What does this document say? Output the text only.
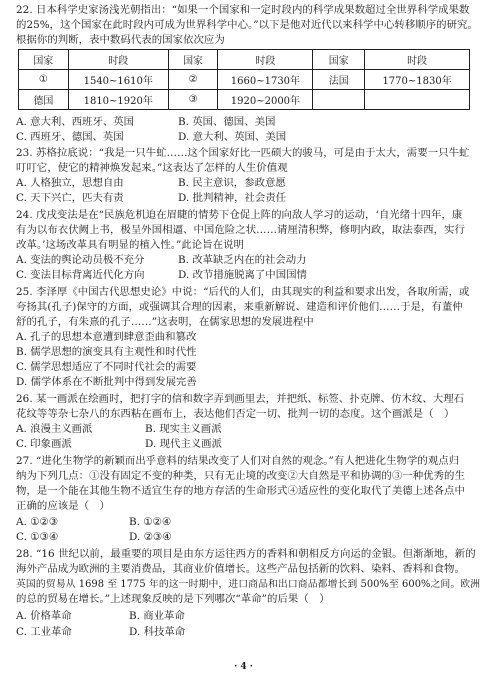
22. 日本科学史家汤浅光朝指出：“如果一个国家和一定时段内的科学成果数超过全世界科学成果数
的25%，这个国家在此时段内可成为世界科学中心。”以下是他对近代以来科学中心转移顺序的研究。
根据你的判断，表中数码代表的国家依次应为
国家	时段	国家	时段	国家	时段
①	1540~1610年	②	1660~1730年	法国	1770~1830年
德国	1810~1920年	③	1920~2000年		
A. 意大利、西班牙、英国	B. 英国、德国、美国
C. 西班牙、德国、英国	D. 意大利、英国、美国
23. 苏格拉底说：“我是一只牛虻……这个国家好比一匹硕大的骏马，可是由于太大，需要一只牛虻
叮叮它，使它的精神焕发起来。”这表达了怎样的人生价值观
A. 人格独立，思想自由	B. 民主意识，参政意愿
C. 天下兴亡，匹夫有责	D. 批判精神，社会责任
24. 戊戌变法是在“民族危机迫在眉睫的情势下仓促上阵的向敌人学习的运动，‘自光绪十四年，康
有为以布衣伏阙上书，极呈外国相逼、中国危险之状……请厘清积弊，修明内政，取法泰西，实行
改革。’这场改革具有明显的植入性。”此论旨在说明
A. 变法的舆论动员极不充分	B. 改革缺乏内在的社会动力
C. 变法目标背离近代化方向	D. 改节措施脱离了中国国情
25. 李泽厚《中国古代思想史论》中说：“后代的人们，由其现实的利益和要求出发，各取所需，或
夸扬其(孔子)保守的方面，或强调其合理的因素，来重新解说、建造和评价他们……于是，有董仲
舒的孔子，有朱熹的孔子……”这表明，在儒家思想的发展进程中
A. 孔子的思想本意遭到肆意歪曲和篡改
B. 儒学思想的演变具有主观性和时代性
C. 儒学思想适应了不同时代社会的需要
D. 儒学体系在不断批判中得到发展完善
26. 某一画派在绘画时，把打字的信和数字弄到画里去，并把纸、标签、扑克牌、仿木纹、大理石
花纹等等杂七杂八的东西粘在画布上，表达他们否定一切、批判一切的态度。这个画派是（　）
A. 浪漫主义画派	B. 现实主义画派
C. 印象画派	D. 现代主义画派
27. “进化生物学的新颖而出乎意料的结果改变了人们对自然的观念。”有人把进化生物学的观点归
纳为下列几点：①没有固定不变的种类，只有无止境的改变②大自然是平和协调的③一种优秀的生
物，是一个能在其他生物不适宜生存的地方存活的生命形式④适应性的变化取代了美德上述各点中
正确的应该是（　）
A. ①②③	B. ①②④
C. ①③④	D. ②③④
28. “16 世纪以前，最重要的项目是由东方运往西方的香料和朝相反方向运的金银。但渐渐地，新的
海外产品成为欧洲的主要消费品，其商业价值增长。这些产品包括新的饮料、染料、香料和食物。
英国的贸易从 1698 至 1775 年的这一时期中，进口商品和出口商品都增长到 500%至 600%之间。欧洲
的总的贸易在增长。”上述现象反映的是下列哪次“革命”的后果（　）
A. 价格革命	B. 商业革命
C. 工业革命	D. 科技革命
· 4 ·
